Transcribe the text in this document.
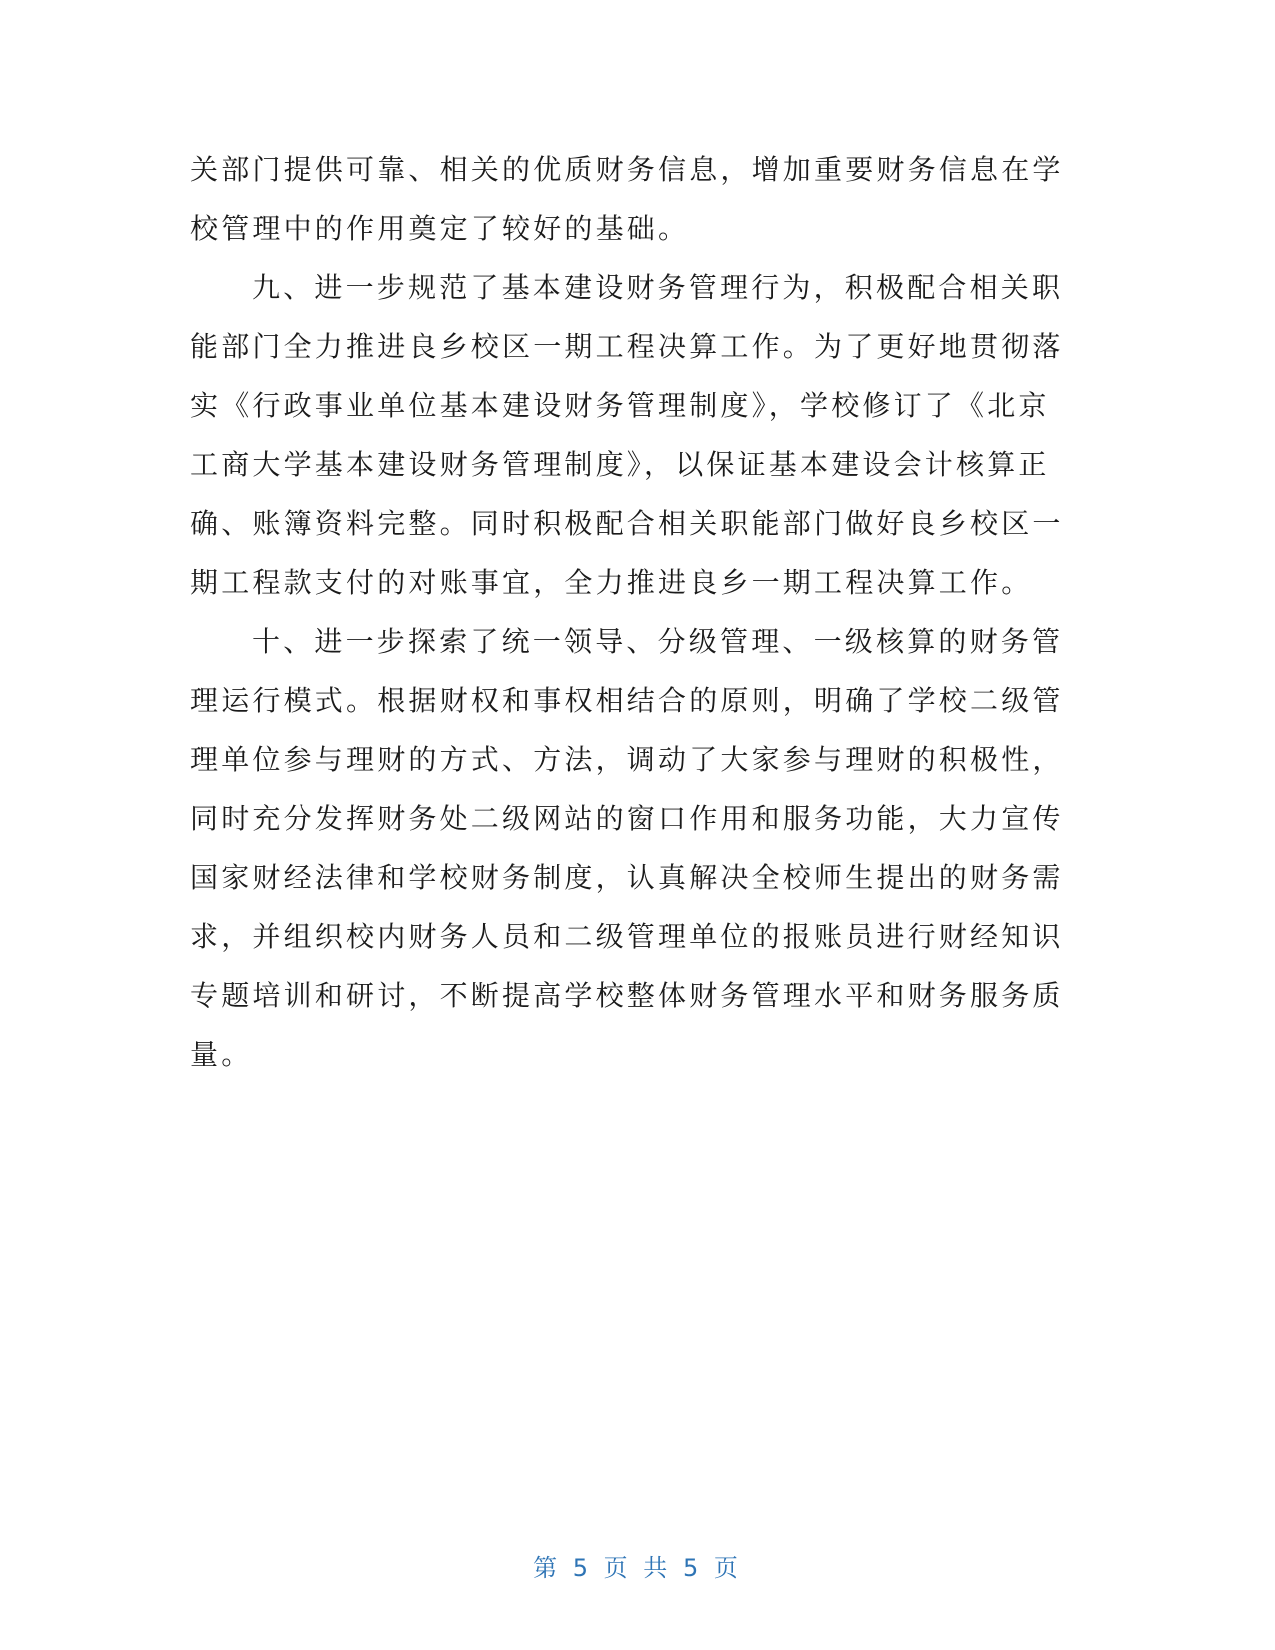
关部门提供可靠、相关的优质财务信息，增加重要财务信息在学
校管理中的作用奠定了较好的基础。
九、进一步规范了基本建设财务管理行为，积极配合相关职
能部门全力推进良乡校区一期工程决算工作。为了更好地贯彻落
实《行政事业单位基本建设财务管理制度》，学校修订了《北京
工商大学基本建设财务管理制度》，以保证基本建设会计核算正
确、账簿资料完整。同时积极配合相关职能部门做好良乡校区一
期工程款支付的对账事宜，全力推进良乡一期工程决算工作。
十、进一步探索了统一领导、分级管理、一级核算的财务管
理运行模式。根据财权和事权相结合的原则，明确了学校二级管
理单位参与理财的方式、方法，调动了大家参与理财的积极性，
同时充分发挥财务处二级网站的窗口作用和服务功能，大力宣传
国家财经法律和学校财务制度，认真解决全校师生提出的财务需
求，并组织校内财务人员和二级管理单位的报账员进行财经知识
专题培训和研讨，不断提高学校整体财务管理水平和财务服务质
量。
第 5 页 共 5 页
